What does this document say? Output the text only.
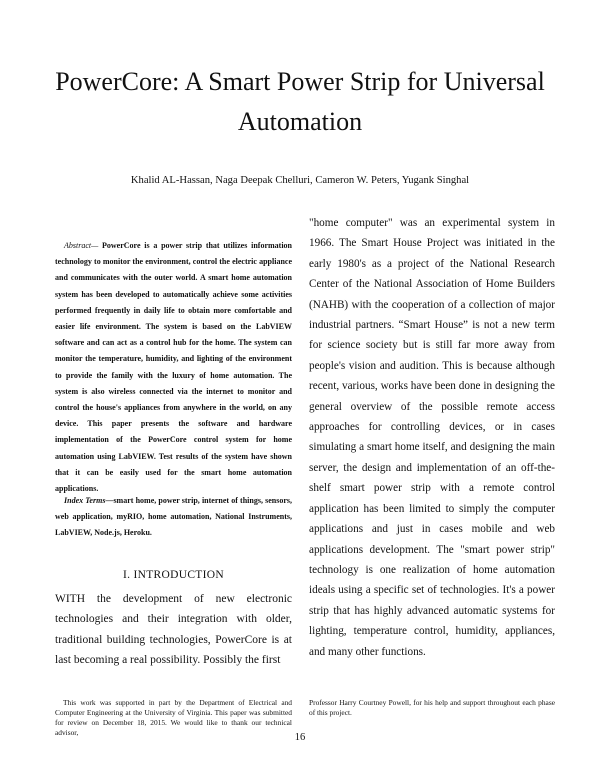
PowerCore: A Smart Power Strip for Universal Automation
Khalid AL-Hassan, Naga Deepak Chelluri, Cameron W. Peters, Yugank Singhal
Abstract— PowerCore is a power strip that utilizes information technology to monitor the environment, control the electric appliance and communicates with the outer world. A smart home automation system has been developed to automatically achieve some activities performed frequently in daily life to obtain more comfortable and easier life environment. The system is based on the LabVIEW software and can act as a control hub for the home. The system can monitor the temperature, humidity, and lighting of the environment to provide the family with the luxury of home automation. The system is also wireless connected via the internet to monitor and control the house's appliances from anywhere in the world, on any device. This paper presents the software and hardware implementation of the PowerCore control system for home automation using LabVIEW. Test results of the system have shown that it can be easily used for the smart home automation applications.
Index Terms—smart home, power strip, internet of things, sensors, web application, myRIO, home automation, National Instruments, LabVIEW, Node.js, Heroku.
I. INTRODUCTION
WITH the development of new electronic technologies and their integration with older, traditional building technologies, PowerCore is at last becoming a real possibility. Possibly the first
"home computer" was an experimental system in 1966. The Smart House Project was initiated in the early 1980's as a project of the National Research Center of the National Association of Home Builders (NAHB) with the cooperation of a collection of major industrial partners. “Smart House” is not a new term for science society but is still far more away from people's vision and audition. This is because although recent, various, works have been done in designing the general overview of the possible remote access approaches for controlling devices, or in cases simulating a smart home itself, and designing the main server, the design and implementation of an off-the-shelf smart power strip with a remote control application has been limited to simply the computer applications and just in cases mobile and web applications development. The "smart power strip" technology is one realization of home automation ideals using a specific set of technologies. It's a power strip that has highly advanced automatic systems for lighting, temperature control, humidity, appliances, and many other functions.
This work was supported in part by the Department of Electrical and Computer Engineering at the University of Virginia. This paper was submitted for review on December 18, 2015. We would like to thank our technical advisor,
Professor Harry Courtney Powell, for his help and support throughout each phase of this project.
16
